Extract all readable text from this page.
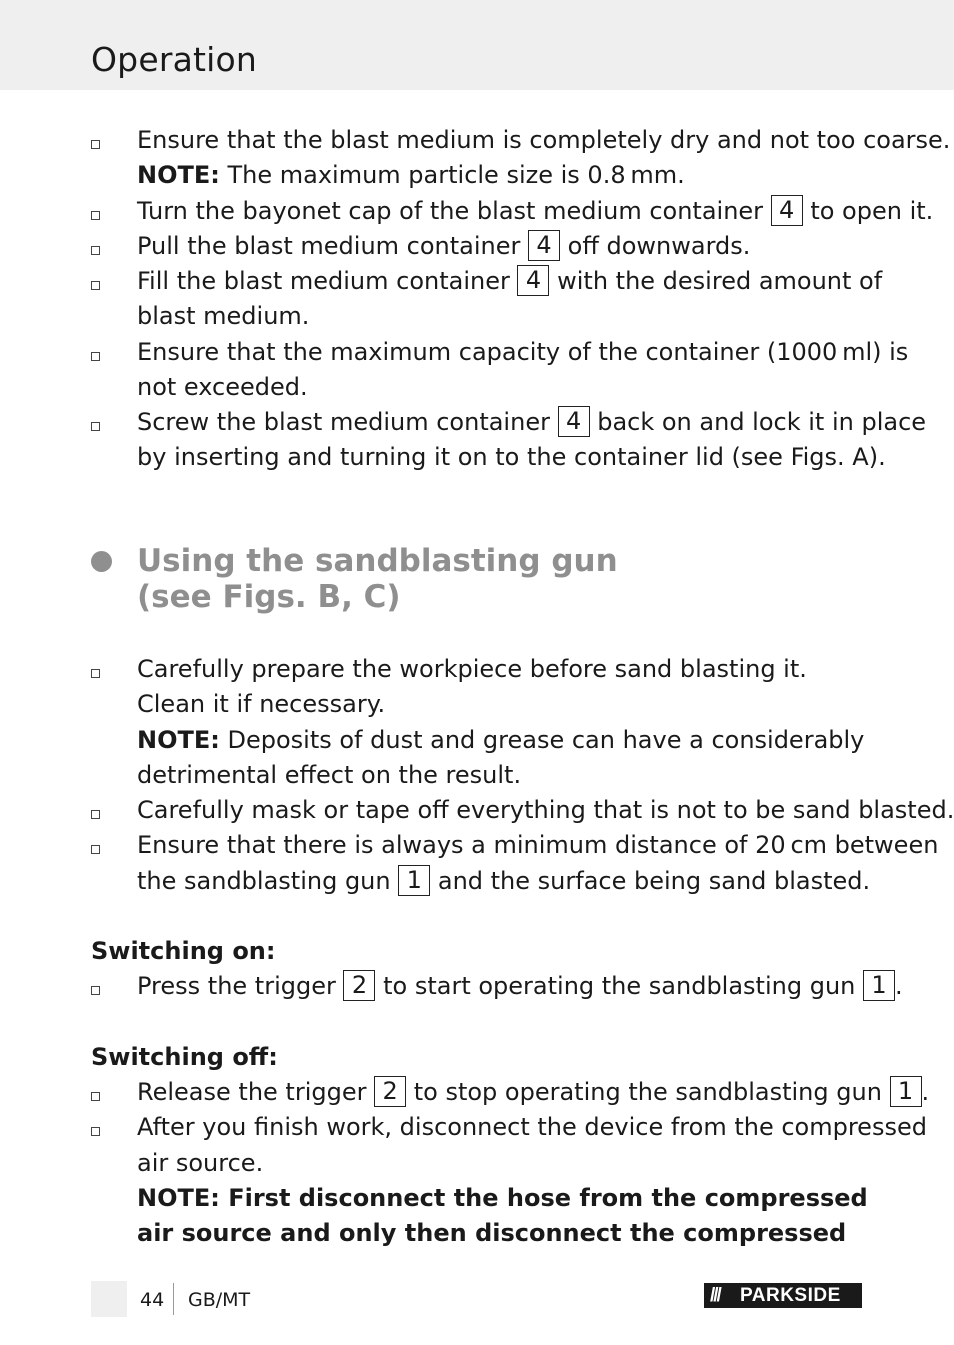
Operation
Ensure that the blast medium is completely dry and not too coarse.
NOTE: The maximum particle size is 0.8 mm.
Turn the bayonet cap of the blast medium container 4 to open it.
Pull the blast medium container 4 off downwards.
Fill the blast medium container 4 with the desired amount of
blast medium.
Ensure that the maximum capacity of the container (1000 ml) is
not exceeded.
Screw the blast medium container 4 back on and lock it in place
by inserting and turning it on to the container lid (see Figs. A).
Using the sandblasting gun
(see Figs. B, C)
Carefully prepare the workpiece before sand blasting it.
Clean it if necessary.
NOTE: Deposits of dust and grease can have a considerably
detrimental effect on the result.
Carefully mask or tape off everything that is not to be sand blasted.
Ensure that there is always a minimum distance of 20 cm between
the sandblasting gun 1 and the surface being sand blasted.
Switching on:
Press the trigger 2 to start operating the sandblasting gun 1 .
Switching off:
Release the trigger 2 to stop operating the sandblasting gun 1 .
After you finish work, disconnect the device from the compressed
air source.
NOTE: First disconnect the hose from the compressed
air source and only then disconnect the compressed
44 GB/MT	/// PARKSIDE
